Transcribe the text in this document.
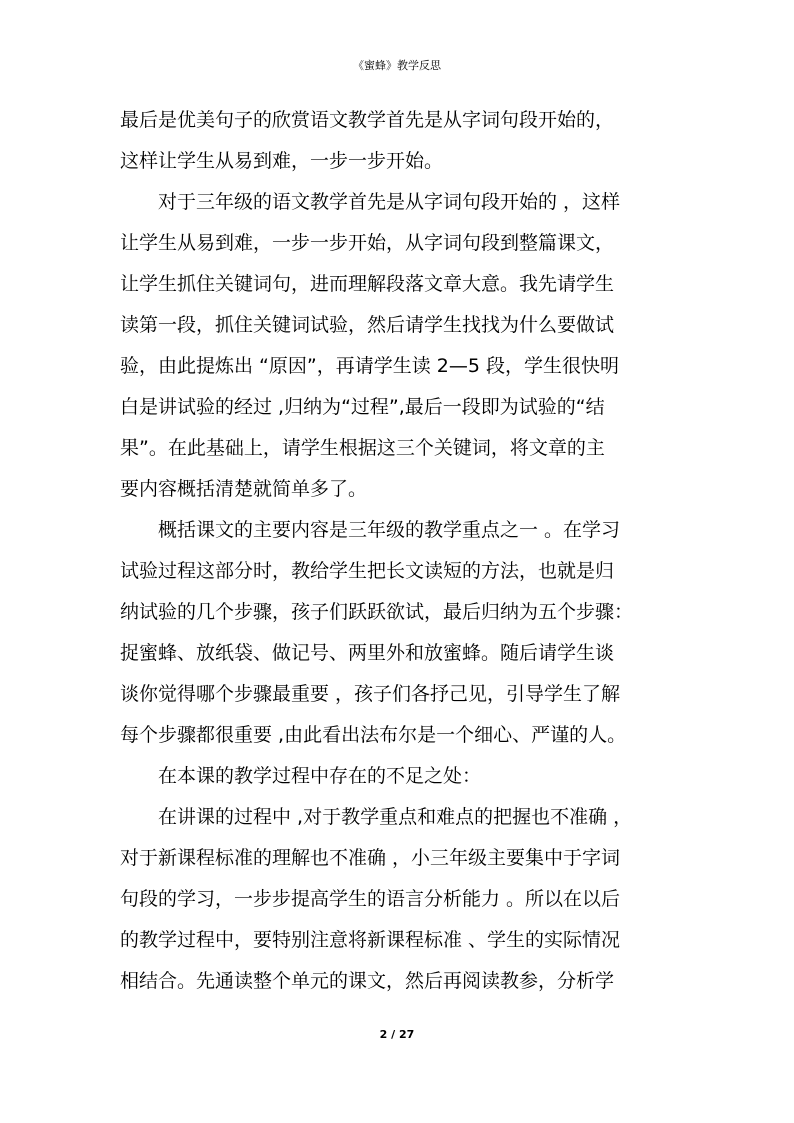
《蜜蜂》教学反思
最后是优美句子的欣赏语文教学首先是从字词句段开始的，
这样让学生从易到难，一步一步开始。
　　对于三年级的语文教学首先是从字词句段开始的 ，这样
让学生从易到难，一步一步开始，从字词句段到整篇课文，
让学生抓住关键词句，进而理解段落文章大意。我先请学生
读第一段，抓住关键词试验，然后请学生找找为什么要做试
验，由此提炼出 “原因”，再请学生读 2—5 段，学生很快明
白是讲试验的经过 ,归纳为“过程”,最后一段即为试验的“结
果”。在此基础上，请学生根据这三个关键词，将文章的主
要内容概括清楚就简单多了。
　　概括课文的主要内容是三年级的教学重点之一 。在学习
试验过程这部分时，教给学生把长文读短的方法，也就是归
纳试验的几个步骤，孩子们跃跃欲试，最后归纳为五个步骤：
捉蜜蜂、放纸袋、做记号、两里外和放蜜蜂。随后请学生谈
谈你觉得哪个步骤最重要 ，孩子们各抒己见，引导学生了解
每个步骤都很重要 ,由此看出法布尔是一个细心、严谨的人。
　　在本课的教学过程中存在的不足之处：
　　在讲课的过程中 ,对于教学重点和难点的把握也不准确 ，
对于新课程标准的理解也不准确 ，小三年级主要集中于字词
句段的学习，一步步提高学生的语言分析能力 。所以在以后
的教学过程中，要特别注意将新课程标准 、学生的实际情况
相结合。先通读整个单元的课文，然后再阅读教参，分析学
2 / 27
